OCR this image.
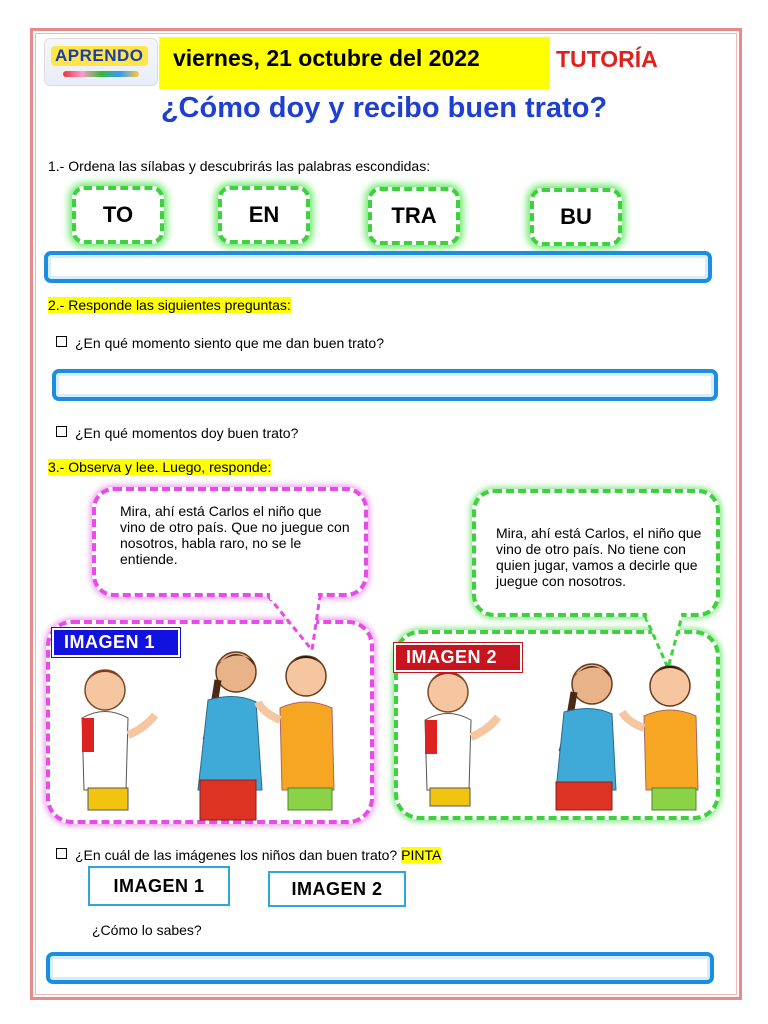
APRENDO viernes, 21 octubre del 2022	TUTORÍA
¿Cómo doy y recibo buen trato?
1.- Ordena las sílabas y descubrirás las palabras escondidas:
TO	EN	TRA	BU
2.- Responde las siguientes preguntas:
¿En qué momento siento que me dan buen trato?
¿En qué momentos doy buen trato?
3.- Observa y lee. Luego, responde:
Mira, ahí está Carlos el niño que vino de otro país. Que no juegue con nosotros, habla raro, no se le entiende.
Mira, ahí está Carlos, el niño que vino de otro país. No tiene con quien jugar, vamos a decirle que juegue con nosotros.
IMAGEN 1
IMAGEN 2
¿En cuál de las imágenes los niños dan buen trato? PINTA
IMAGEN 1	IMAGEN 2
¿Cómo lo sabes?
